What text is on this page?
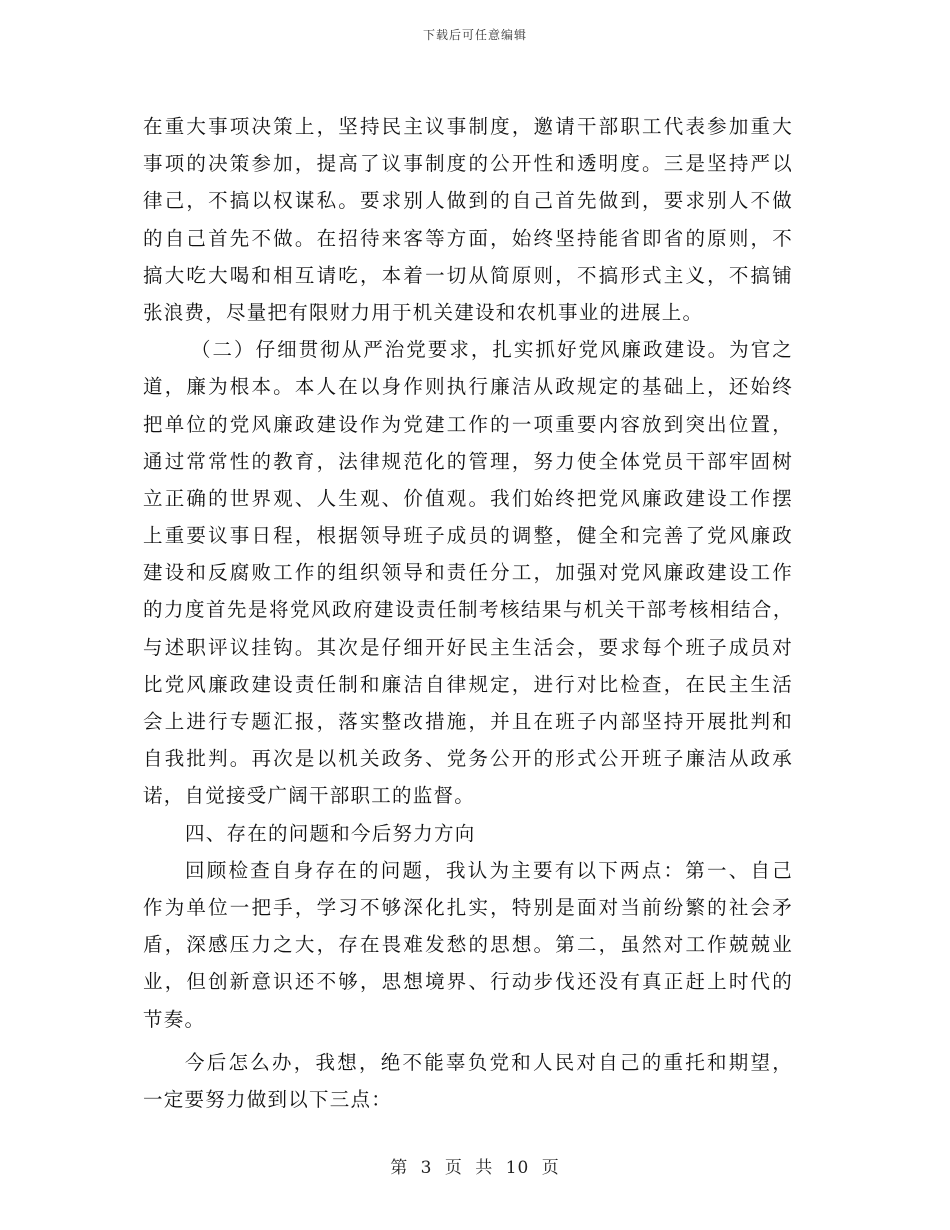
下载后可任意编辑
在重大事项决策上，坚持民主议事制度，邀请干部职工代表参加重大
事项的决策参加，提高了议事制度的公开性和透明度。三是坚持严以
律己，不搞以权谋私。要求别人做到的自己首先做到，要求别人不做
的自己首先不做。在招待来客等方面，始终坚持能省即省的原则，不
搞大吃大喝和相互请吃，本着一切从简原则，不搞形式主义，不搞铺
张浪费，尽量把有限财力用于机关建设和农机事业的进展上。
（二）仔细贯彻从严治党要求，扎实抓好党风廉政建设。为官之
道，廉为根本。本人在以身作则执行廉洁从政规定的基础上，还始终
把单位的党风廉政建设作为党建工作的一项重要内容放到突出位置，
通过常常性的教育，法律规范化的管理，努力使全体党员干部牢固树
立正确的世界观、人生观、价值观。我们始终把党风廉政建设工作摆
上重要议事日程，根据领导班子成员的调整，健全和完善了党风廉政
建设和反腐败工作的组织领导和责任分工，加强对党风廉政建设工作
的力度首先是将党风政府建设责任制考核结果与机关干部考核相结合，
与述职评议挂钩。其次是仔细开好民主生活会，要求每个班子成员对
比党风廉政建设责任制和廉洁自律规定，进行对比检查，在民主生活
会上进行专题汇报，落实整改措施，并且在班子内部坚持开展批判和
自我批判。再次是以机关政务、党务公开的形式公开班子廉洁从政承
诺，自觉接受广阔干部职工的监督。
四、存在的问题和今后努力方向
回顾检查自身存在的问题，我认为主要有以下两点：第一、自己
作为单位一把手，学习不够深化扎实，特别是面对当前纷繁的社会矛
盾，深感压力之大，存在畏难发愁的思想。第二，虽然对工作兢兢业
业，但创新意识还不够，思想境界、行动步伐还没有真正赶上时代的
节奏。
今后怎么办，我想，绝不能辜负党和人民对自己的重托和期望，
一定要努力做到以下三点：
第 3 页 共 10 页
